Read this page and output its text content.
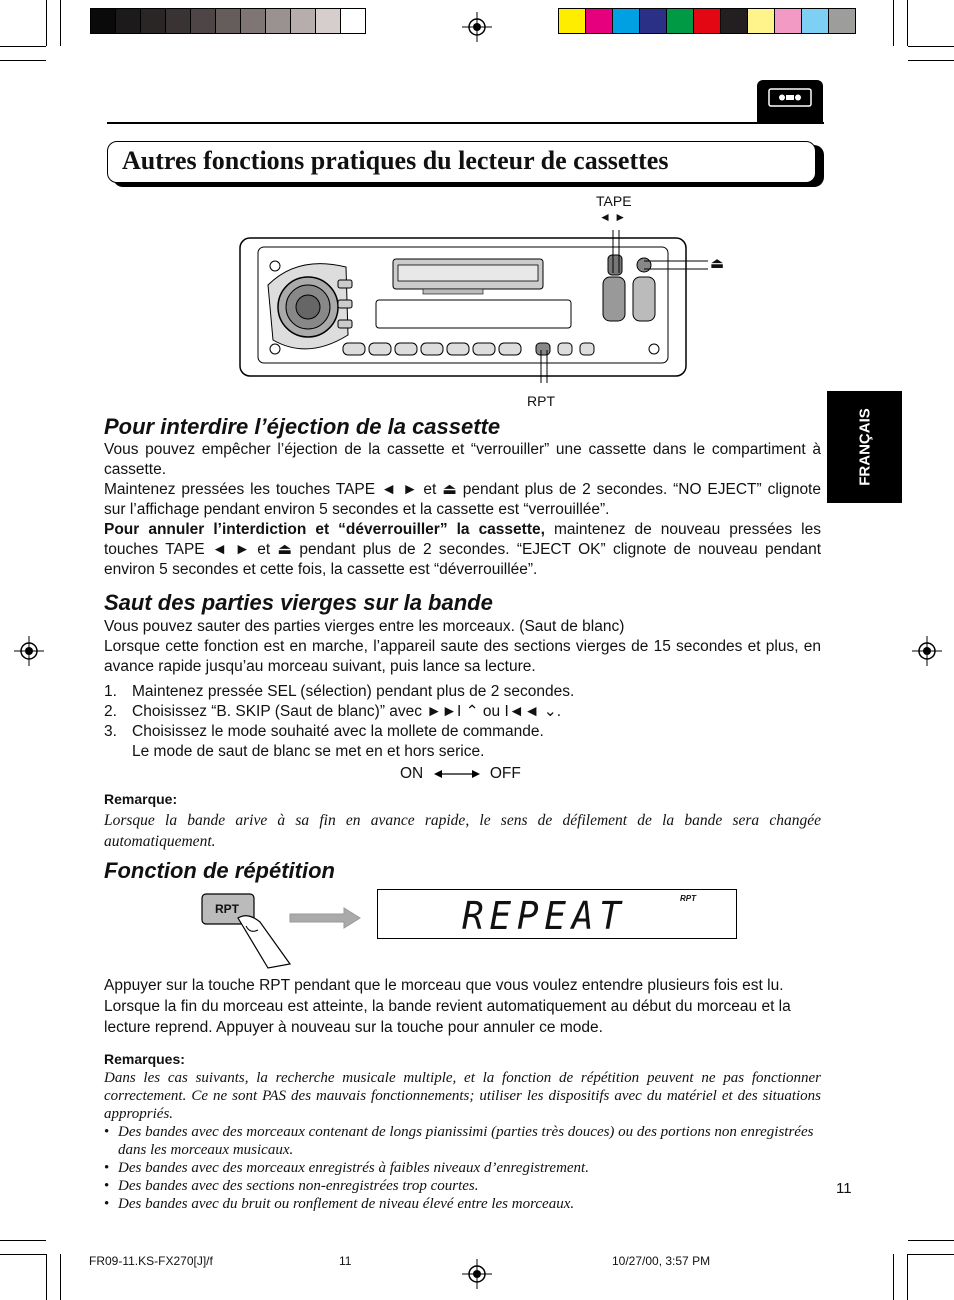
Autres fonctions pratiques du lecteur de cassettes
TAPE
◄ ►
⏏
RPT
FRANÇAIS
Pour interdire l’éjection de la cassette
Vous pouvez empêcher l’éjection de la cassette et “verrouiller” une cassette dans le compartiment à cassette.
Maintenez pressées les touches TAPE ◄ ► et ⏏ pendant plus de 2 secondes. “NO EJECT” clignote sur l’affichage pendant environ 5 secondes et la cassette est “verrouillée”.
Pour annuler l’interdiction et “déverrouiller” la cassette, maintenez de nouveau pressées les touches TAPE ◄ ► et ⏏ pendant plus de 2 secondes. “EJECT OK” clignote de nouveau pendant environ 5 secondes et cette fois, la cassette est “déverrouillée”.
Saut des parties vierges sur la bande
Vous pouvez sauter des parties vierges entre les morceaux. (Saut de blanc)
Lorsque cette fonction est en marche, l’appareil saute des sections vierges de 15 secondes et plus, en avance rapide jusqu’au morceau suivant, puis lance sa lecture.
1. Maintenez pressée SEL (sélection) pendant plus de 2 secondes.
2. Choisissez “B. SKIP (Saut de blanc)” avec ►►I ⌃ ou I◄◄ ⌄.
3. Choisissez le mode souhaité avec la mollete de commande.
Le mode de saut de blanc se met en et hors serice.
ON	OFF
Remarque:
Lorsque la bande arive à sa fin en avance rapide, le sens de défilement de la bande sera changée automatiquement.
Fonction de répétition
RPT	REPEAT	RPT
Appuyer sur la touche RPT pendant que le morceau que vous voulez entendre plusieurs fois est lu. Lorsque la fin du morceau est atteinte, la bande revient automatiquement au début du morceau et la lecture reprend. Appuyer à nouveau sur la touche pour annuler ce mode.
Remarques:
Dans les cas suivants, la recherche musicale multiple, et la fonction de répétition peuvent ne pas fonctionner correctement. Ce ne sont PAS des mauvais fonctionnements; utiliser les dispositifs avec du matériel et des situations appropriés.
• Des bandes avec des morceaux contenant de longs pianissimi (parties très douces) ou des portions non enregistrées dans les morceaux musicaux.
• Des bandes avec des morceaux enregistrés à faibles niveaux d’enregistrement.
• Des bandes avec des sections non-enregistrées trop courtes.
• Des bandes avec du bruit ou ronflement de niveau élevé entre les morceaux.
11
FR09-11.KS-FX270[J]/f	11	10/27/00, 3:57 PM
